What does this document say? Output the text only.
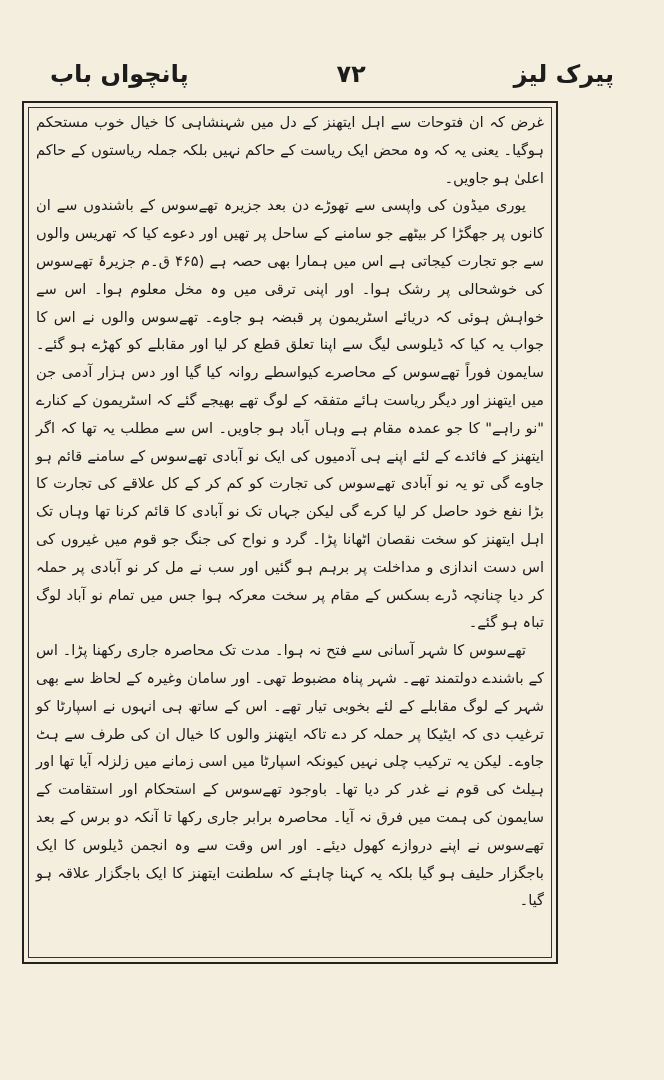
پانچواں باب	۷۲	پیرک لیز

غرض کہ ان فتوحات سے اہل ایتھنز کے دل میں شہنشاہی کا خیال خوب مستحکم ہوگیا۔ یعنی یہ کہ وہ محض ایک ریاست کے حاکم نہیں بلکہ جملہ ریاستوں کے حاکم اعلیٰ ہو جاویں۔

یوری میڈون کی واپسی سے تھوڑے دن بعد جزیرہ تھےسوس کے باشندوں سے ان کانوں پر جھگڑا کر بیٹھے جو سامنے کے ساحل پر تھیں اور دعوے کیا کہ تھریس والوں سے جو تجارت کیجاتی ہے اس میں ہمارا بھی حصہ ہے (۴۶۵ ق۔م جزیرۂ تھےسوس کی خوشحالی پر رشک ہوا۔ اور اپنی ترقی میں وہ مخل معلوم ہوا۔ اس سے خواہش ہوئی کہ دریائے اسٹریمون پر قبضہ ہو جاوے۔ تھےسوس والوں نے اس کا جواب یہ کیا کہ ڈیلوسی لیگ سے اپنا تعلق قطع کر لیا اور مقابلے کو کھڑے ہو گئے۔ سایمون فوراً تھےسوس کے محاصرے کیواسطے روانہ کیا گیا اور دس ہزار آدمی جن میں ایتھنز اور دیگر ریاست ہائے متفقہ کے لوگ تھے بھیجے گئے کہ اسٹریمون کے کنارے "نو راہے" کا جو عمدہ مقام ہے وہاں آباد ہو جاویں۔ اس سے مطلب یہ تھا کہ اگر ایتھنز کے فائدے کے لئے اپنے ہی آدمیوں کی ایک نو آبادی تھےسوس کے سامنے قائم ہو جاوے گی تو یہ نو آبادی تھےسوس کی تجارت کو کم کر کے کل علاقے کی تجارت کا بڑا نفع خود حاصل کر لیا کرے گی لیکن جہاں تک نو آبادی کا قائم کرنا تھا وہاں تک اہل ایتھنز کو سخت نقصان اٹھانا پڑا۔ گرد و نواح کی جنگ جو قوم میں غیروں کی اس دست اندازی و مداخلت پر برہم ہو گئیں اور سب نے مل کر نو آبادی پر حملہ کر دیا چنانچہ ڈرے بسکس کے مقام پر سخت معرکہ ہوا جس میں تمام نو آباد لوگ تباہ ہو گئے۔

تھےسوس کا شہر آسانی سے فتح نہ ہوا۔ مدت تک محاصرہ جاری رکھنا پڑا۔ اس کے باشندے دولتمند تھے۔ شہر پناہ مضبوط تھی۔ اور سامان وغیرہ کے لحاظ سے بھی شہر کے لوگ مقابلے کے لئے بخوبی تیار تھے۔ اس کے ساتھ ہی انہوں نے اسپارٹا کو ترغیب دی کہ ایٹیکا پر حملہ کر دے تاکہ ایتھنز والوں کا خیال ان کی طرف سے ہٹ جاوے۔ لیکن یہ ترکیب چلی نہیں کیونکہ اسپارٹا میں اسی زمانے میں زلزلہ آیا تھا اور ہیلٹ کی قوم نے غدر کر دیا تھا۔ باوجود تھےسوس کے استحکام اور استقامت کے سایمون کی ہمت میں فرق نہ آیا۔ محاصرہ برابر جاری رکھا تا آنکہ دو برس کے بعد تھےسوس نے اپنے دروازے کھول دیئے۔ اور اس وقت سے وہ انجمن ڈیلوس کا ایک باجگزار حلیف ہو گیا بلکہ یہ کہنا چاہئے کہ سلطنت ایتھنز کا ایک باجگزار علاقہ ہو گیا۔
